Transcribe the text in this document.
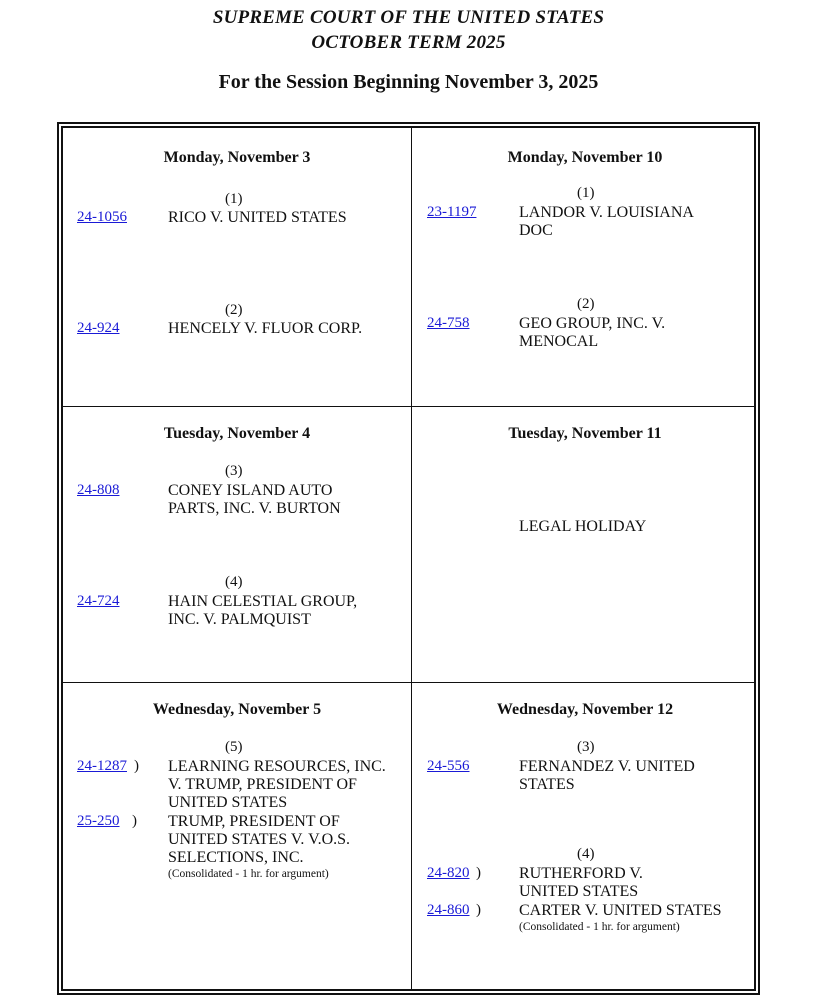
SUPREME COURT OF THE UNITED STATES
OCTOBER TERM 2025
For the Session Beginning November 3, 2025
Monday, November 3
(1)
24-1056	RICO V. UNITED STATES
(2)
24-924	HENCELY V. FLUOR CORP.
Monday, November 10
(1)
23-1197	LANDOR V. LOUISIANA
DOC
(2)
24-758	GEO GROUP, INC. V.
MENOCAL
Tuesday, November 4
(3)
24-808	CONEY ISLAND AUTO
PARTS, INC. V. BURTON
(4)
24-724	HAIN CELESTIAL GROUP,
INC. V. PALMQUIST
Tuesday, November 11
LEGAL HOLIDAY
Wednesday, November 5
(5)
24-1287 ) LEARNING RESOURCES, INC.
V. TRUMP, PRESIDENT OF
UNITED STATES
25-250 ) TRUMP, PRESIDENT OF
UNITED STATES V. V.O.S.
SELECTIONS, INC.
(Consolidated - 1 hr. for argument)
Wednesday, November 12
(3)
24-556	FERNANDEZ V. UNITED
STATES
(4)
24-820 ) RUTHERFORD V.
UNITED STATES
24-860 ) CARTER V. UNITED STATES
(Consolidated - 1 hr. for argument)
